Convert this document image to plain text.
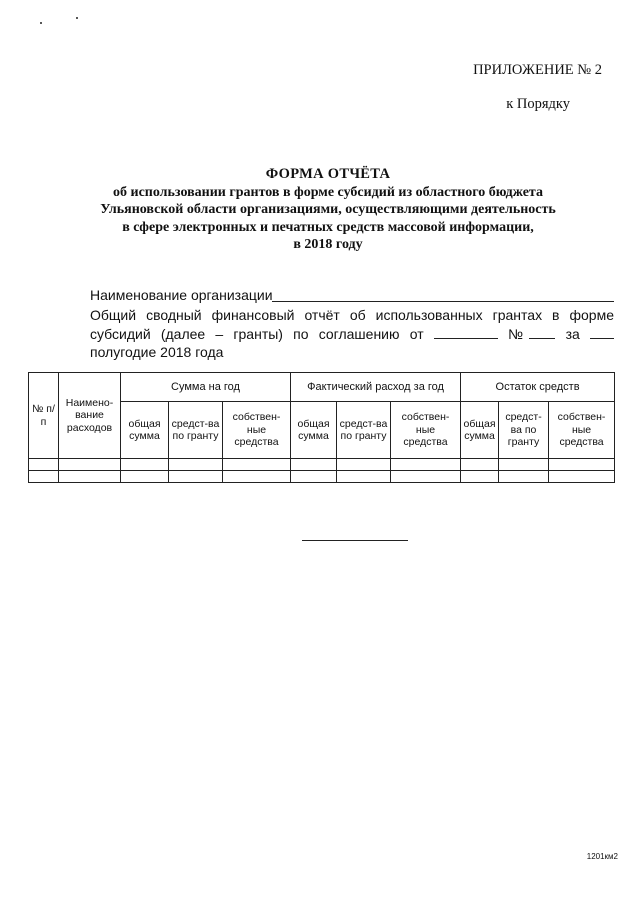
ПРИЛОЖЕНИЕ № 2
к Порядку
ФОРМА ОТЧЁТА
об использовании грантов в форме субсидий из областного бюджета
Ульяновской области организациями, осуществляющими деятельность
в сфере электронных и печатных средств массовой информации,
в 2018 году
Наименование организации
Общий сводный финансовый отчёт об использованных грантах в форме субсидий (далее – гранты) по соглашению от	№	за  полугодие 2018 года
№ п/п	Наимено-вание расходов	Сумма на год			Фактический расход за год			Остаток средств		
		общая сумма	средст-ва по гранту	собствен-ные средства	общая сумма	средст-ва по гранту	собствен-ные средства	общая сумма	средст-ва по гранту	собствен-ные средства

1201км2
